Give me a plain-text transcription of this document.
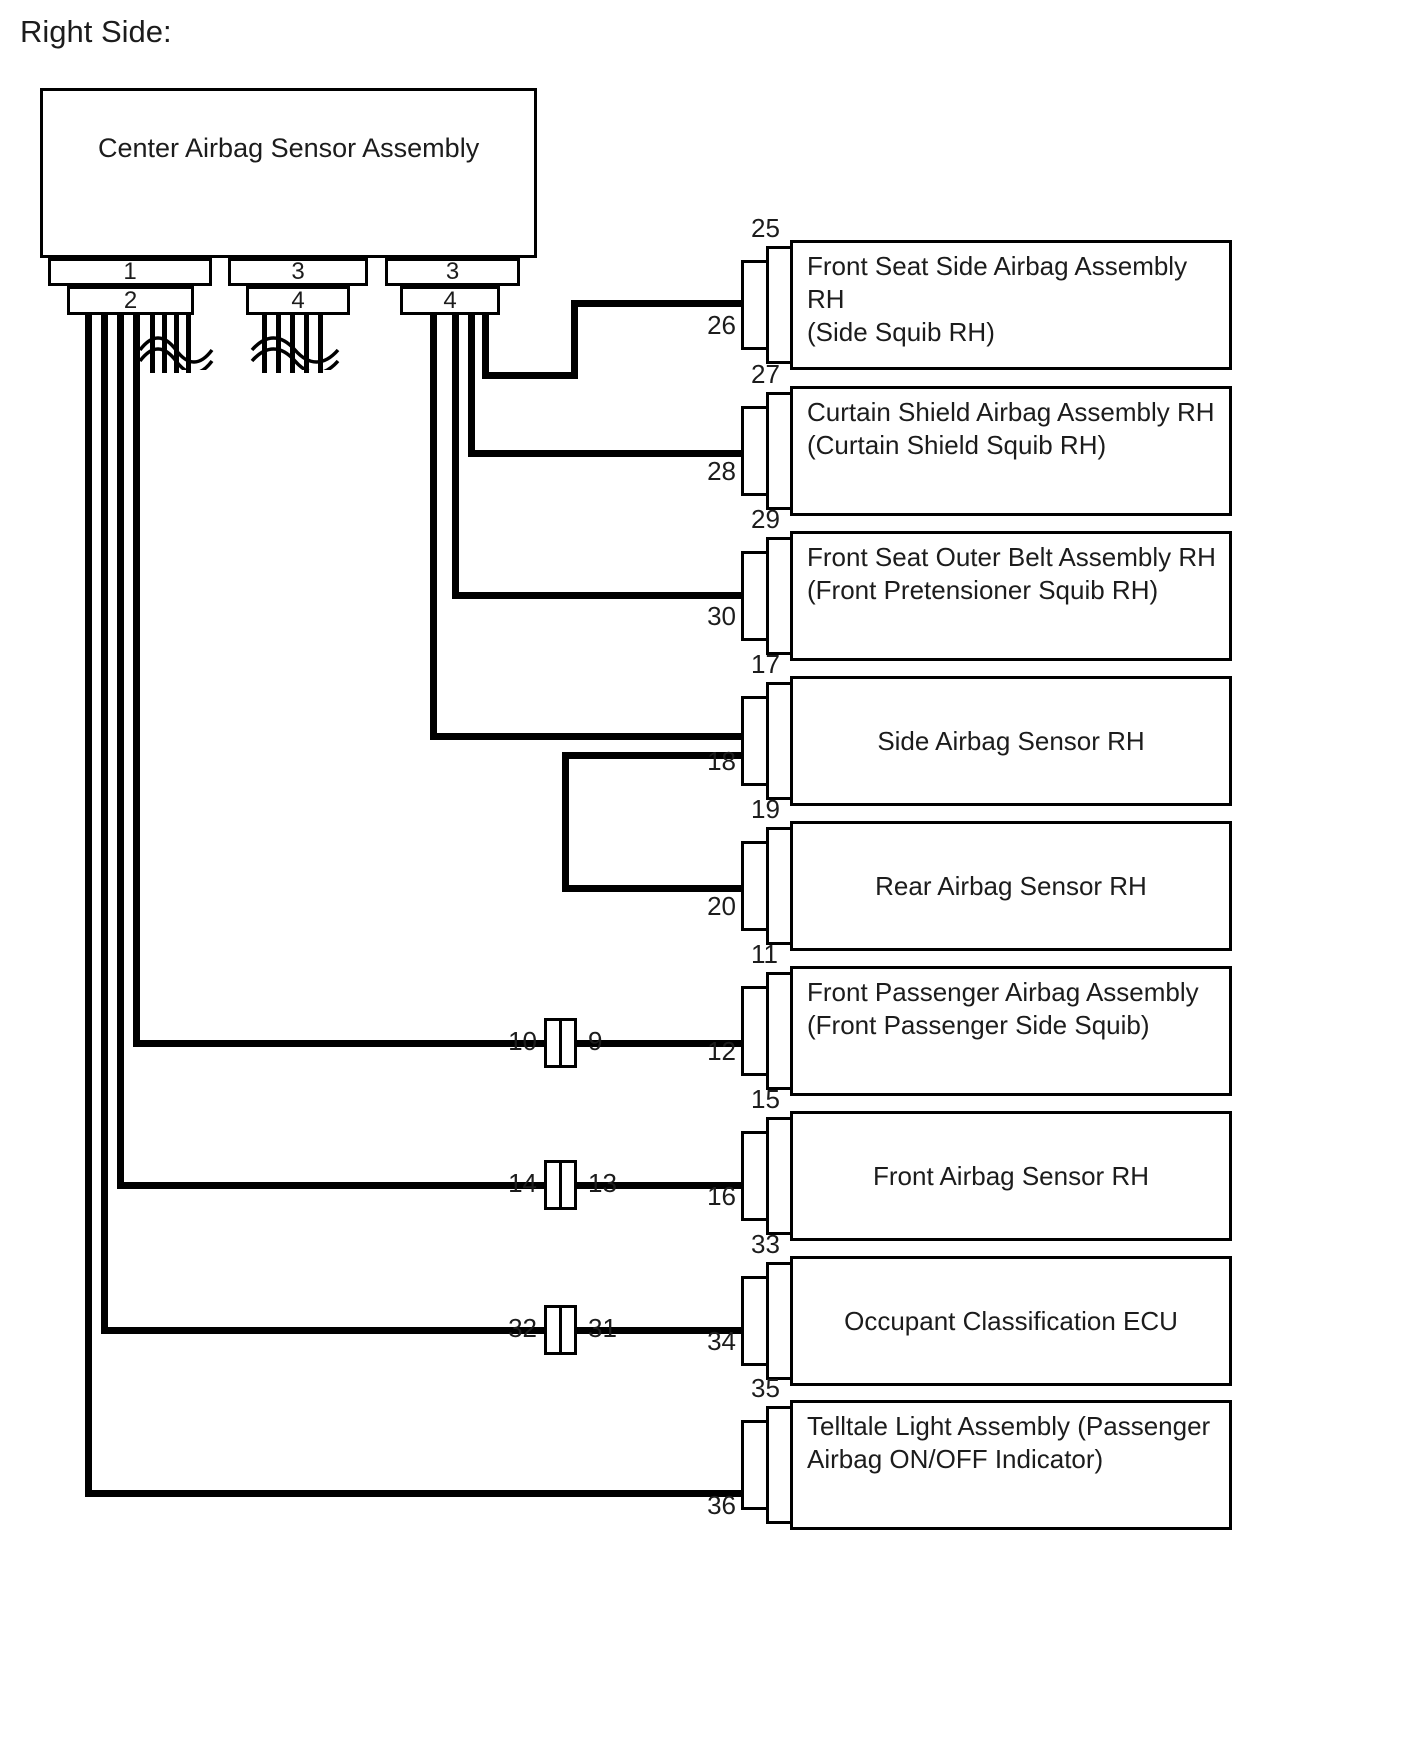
Right Side:
Center Airbag Sensor Assembly
1
2
3
4
3
4
10 9
14 13
32 31
25
26
Front Seat Side Airbag Assembly RH
(Side Squib RH)
27
28
Curtain Shield Airbag Assembly RH
(Curtain Shield Squib RH)
29
30
Front Seat Outer Belt Assembly RH
(Front Pretensioner Squib RH)
17
18
Side Airbag Sensor RH
19
20
Rear Airbag Sensor RH
11
12
Front Passenger Airbag Assembly
(Front Passenger Side Squib)
15
16
Front Airbag Sensor RH
33
34
Occupant Classification ECU
35
36
Telltale Light Assembly (Passenger
Airbag ON/OFF Indicator)
